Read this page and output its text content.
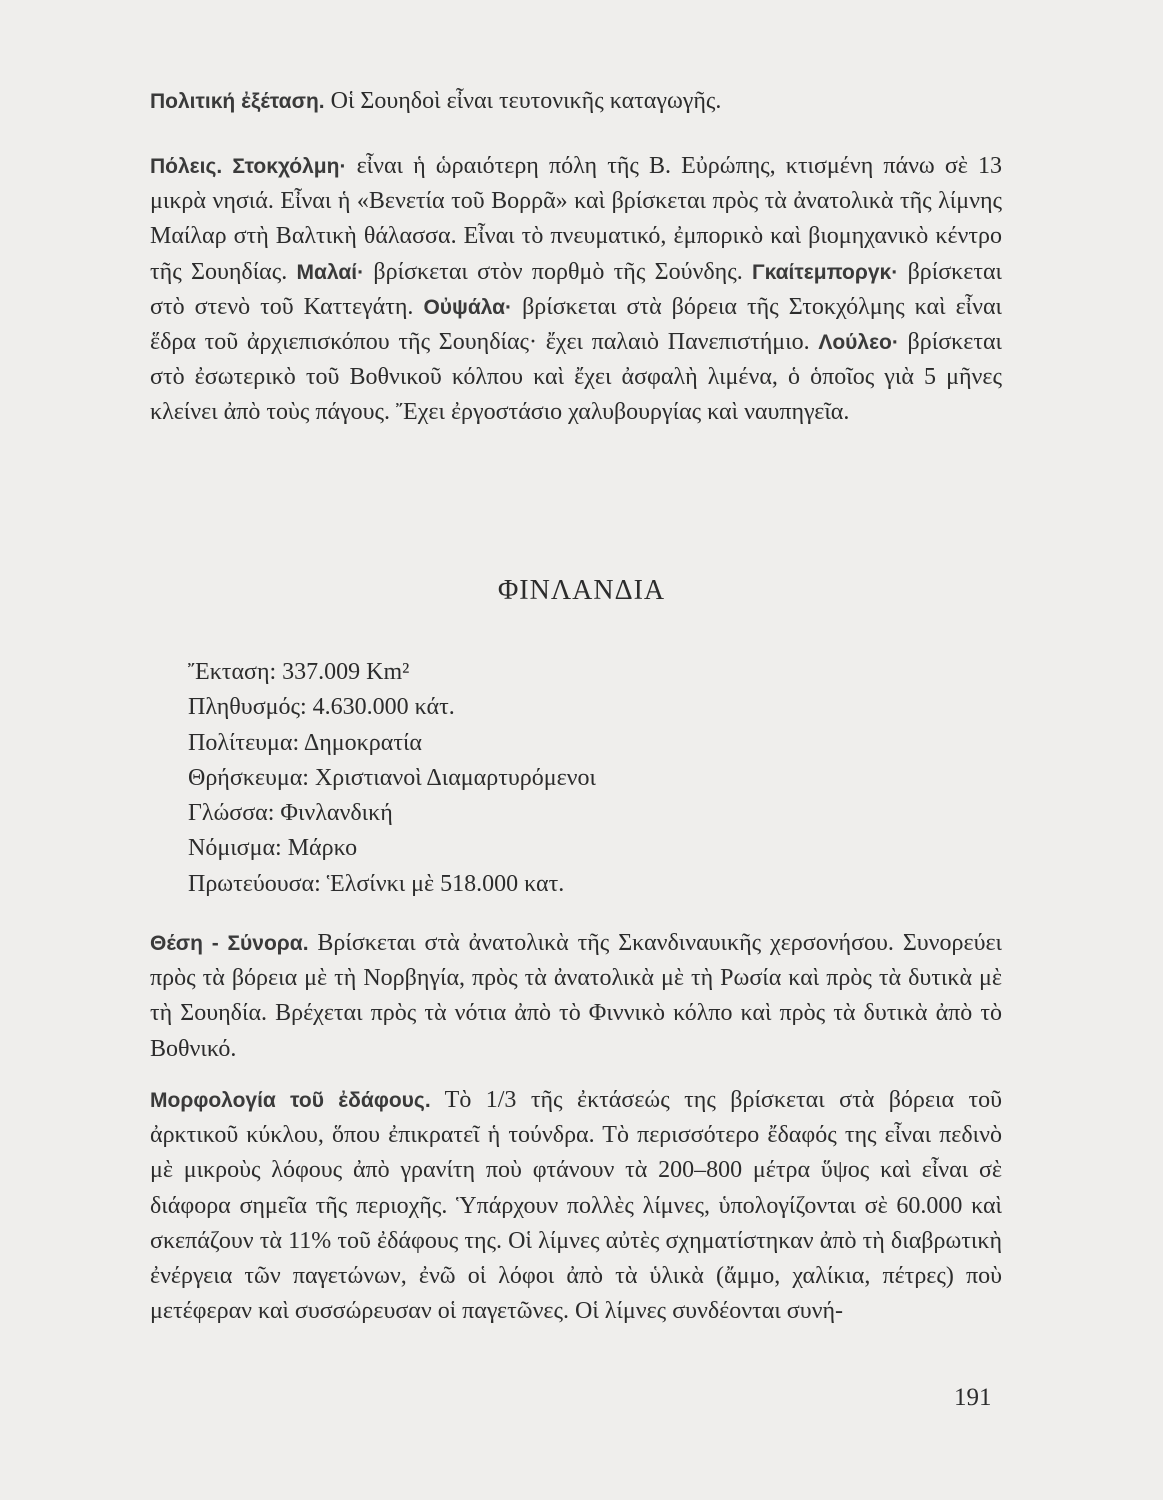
Πολιτική ἐξέταση. Οἱ Σουηδοὶ εἶναι τευτονικῆς καταγωγῆς.

Πόλεις. Στοκχόλμη· εἶναι ἡ ὡραιότερη πόλη τῆς Β. Εὐρώπης, κτισμένη πάνω σὲ 13 μικρὰ νησιά. Εἶναι ἡ «Βενετία τοῦ Βορρᾶ» καὶ βρίσκεται πρὸς τὰ ἀνατολικὰ τῆς λίμνης Μαίλαρ στὴ Βαλτικὴ θάλασσα. Εἶναι τὸ πνευματικό, ἐμπορικὸ καὶ βιομηχανικὸ κέντρο τῆς Σουηδίας. Μαλαί· βρίσκεται στὸν πορθμὸ τῆς Σούνδης. Γκαίτεμποργκ· βρίσκεται στὸ στενὸ τοῦ Καττεγάτη. Οὐψάλα· βρίσκεται στὰ βόρεια τῆς Στοκχόλμης καὶ εἶναι ἕδρα τοῦ ἀρχιεπισκόπου τῆς Σουηδίας· ἔχει παλαιὸ Πανεπιστήμιο. Λούλεο· βρίσκεται στὸ ἐσωτερικὸ τοῦ Βοθνικοῦ κόλπου καὶ ἔχει ἀσφαλὴ λιμένα, ὁ ὁποῖος γιὰ 5 μῆνες κλείνει ἀπὸ τοὺς πάγους. Ἔχει ἐργοστάσιο χαλυβουργίας καὶ ναυπηγεῖα.

ΦΙΝΛΑΝΔΙΑ
Ἔκταση: 337.009 Km²
Πληθυσμός: 4.630.000 κάτ.
Πολίτευμα: Δημοκρατία
Θρήσκευμα: Χριστιανοὶ Διαμαρτυρόμενοι
Γλώσσα: Φινλανδική
Νόμισμα: Μάρκο
Πρωτεύουσα: Ἑλσίνκι μὲ 518.000 κατ.

Θέση - Σύνορα. Βρίσκεται στὰ ἀνατολικὰ τῆς Σκανδιναυικῆς χερσονήσου. Συνορεύει πρὸς τὰ βόρεια μὲ τὴ Νορβηγία, πρὸς τὰ ἀνατολικὰ μὲ τὴ Ρωσία καὶ πρὸς τὰ δυτικὰ μὲ τὴ Σουηδία. Βρέχεται πρὸς τὰ νότια ἀπὸ τὸ Φιννικὸ κόλπο καὶ πρὸς τὰ δυτικὰ ἀπὸ τὸ Βοθνικό.

Μορφολογία τοῦ ἐδάφους. Τὸ 1/3 τῆς ἐκτάσεώς της βρίσκεται στὰ βόρεια τοῦ ἀρκτικοῦ κύκλου, ὅπου ἐπικρατεῖ ἡ τούνδρα. Τὸ περισσότερο ἔδαφός της εἶναι πεδινὸ μὲ μικροὺς λόφους ἀπὸ γρανίτη ποὺ φτάνουν τὰ 200–800 μέτρα ὕψος καὶ εἶναι σὲ διάφορα σημεῖα τῆς περιοχῆς. Ὑπάρχουν πολλὲς λίμνες, ὑπολογίζονται σὲ 60.000 καὶ σκεπάζουν τὰ 11% τοῦ ἐδάφους της. Οἱ λίμνες αὐτὲς σχηματίστηκαν ἀπὸ τὴ διαβρωτικὴ ἐνέργεια τῶν παγετώνων, ἐνῶ οἱ λόφοι ἀπὸ τὰ ὑλικὰ (ἄμμο, χαλίκια, πέτρες) ποὺ μετέφεραν καὶ συσσώρευσαν οἱ παγετῶνες. Οἱ λίμνες συνδέονται συνή-

191
